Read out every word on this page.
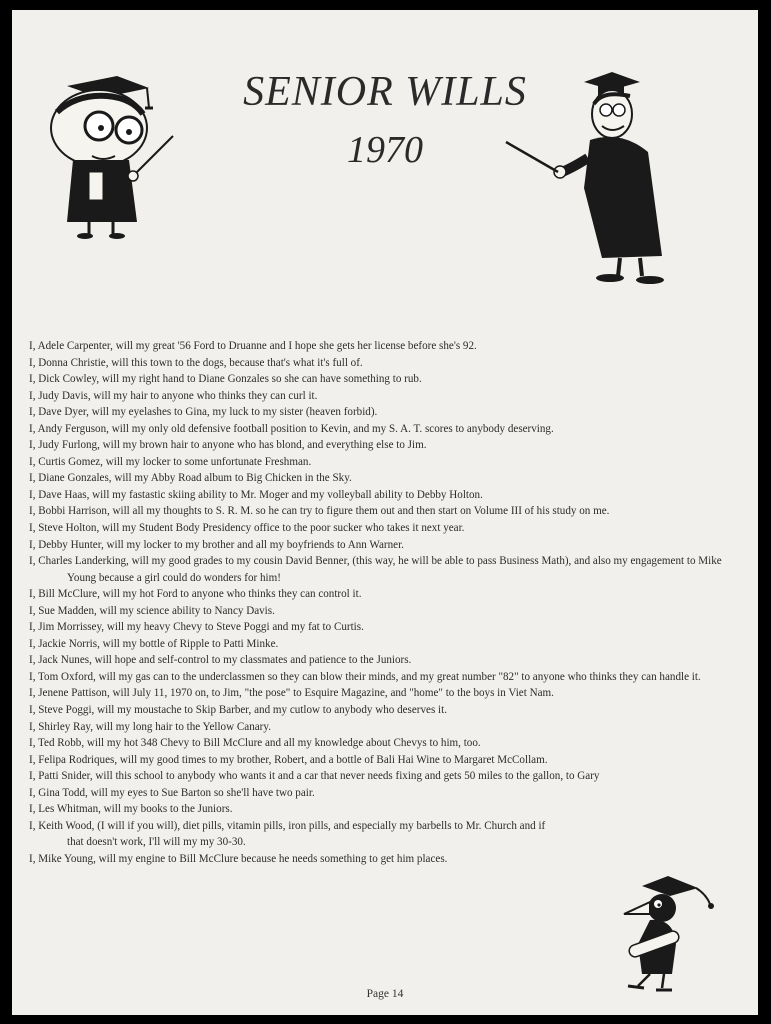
SENIOR WILLS
1970
I, Adele Carpenter, will my great '56 Ford to Druanne and I hope she gets her license before she's 92.
I, Donna Christie, will this town to the dogs, because that's what it's full of.
I, Dick Cowley, will my right hand to Diane Gonzales so she can have something to rub.
I, Judy Davis, will my hair to anyone who thinks they can curl it.
I, Dave Dyer, will my eyelashes to Gina, my luck to my sister (heaven forbid).
I, Andy Ferguson, will my only old defensive football position to Kevin, and my S. A. T. scores to anybody deserving.
I, Judy Furlong, will my brown hair to anyone who has blond, and everything else to Jim.
I, Curtis Gomez, will my locker to some unfortunate Freshman.
I, Diane Gonzales, will my Abby Road album to Big Chicken in the Sky.
I, Dave Haas, will my fastastic skiing ability to Mr. Moger and my volleyball ability to Debby Holton.
I, Bobbi Harrison, will all my thoughts to S. R. M. so he can try to figure them out and then start on Volume III of his study on me.
I, Steve Holton, will my Student Body Presidency office to the poor sucker who takes it next year.
I, Debby Hunter, will my locker to my brother and all my boyfriends to Ann Warner.
I, Charles Landerking, will my good grades to my cousin David Benner, (this way, he will be able to pass Business Math), and also my engagement to Mike Young because a girl could do wonders for him!
I, Bill McClure, will my hot Ford to anyone who thinks they can control it.
I, Sue Madden, will my science ability to Nancy Davis.
I, Jim Morrissey, will my heavy Chevy to Steve Poggi and my fat to Curtis.
I, Jackie Norris, will my bottle of Ripple to Patti Minke.
I, Jack Nunes, will hope and self-control to my classmates and patience to the Juniors.
I, Tom Oxford, will my gas can to the underclassmen so they can blow their minds, and my great number "82" to anyone who thinks they can handle it.
I, Jenene Pattison, will July 11, 1970 on, to Jim, "the pose" to Esquire Magazine, and "home" to the boys in Viet Nam.
I, Steve Poggi, will my moustache to Skip Barber, and my cutlow to anybody who deserves it.
I, Shirley Ray, will my long hair to the Yellow Canary.
I, Ted Robb, will my hot 348 Chevy to Bill McClure and all my knowledge about Chevys to him, too.
I, Felipa Rodriques, will my good times to my brother, Robert, and a bottle of Bali Hai Wine to Margaret McCollam.
I, Patti Snider, will this school to anybody who wants it and a car that never needs fixing and gets 50 miles to the gallon, to Gary
I, Gina Todd, will my eyes to Sue Barton so she'll have two pair.
I, Les Whitman, will my books to the Juniors.
I, Keith Wood, (I will if you will), diet pills, vitamin pills, iron pills, and especially my barbells to Mr. Church and if that doesn't work, I'll will my my 30-30.
I, Mike Young, will my engine to Bill McClure because he needs something to get him places.
Page 14
